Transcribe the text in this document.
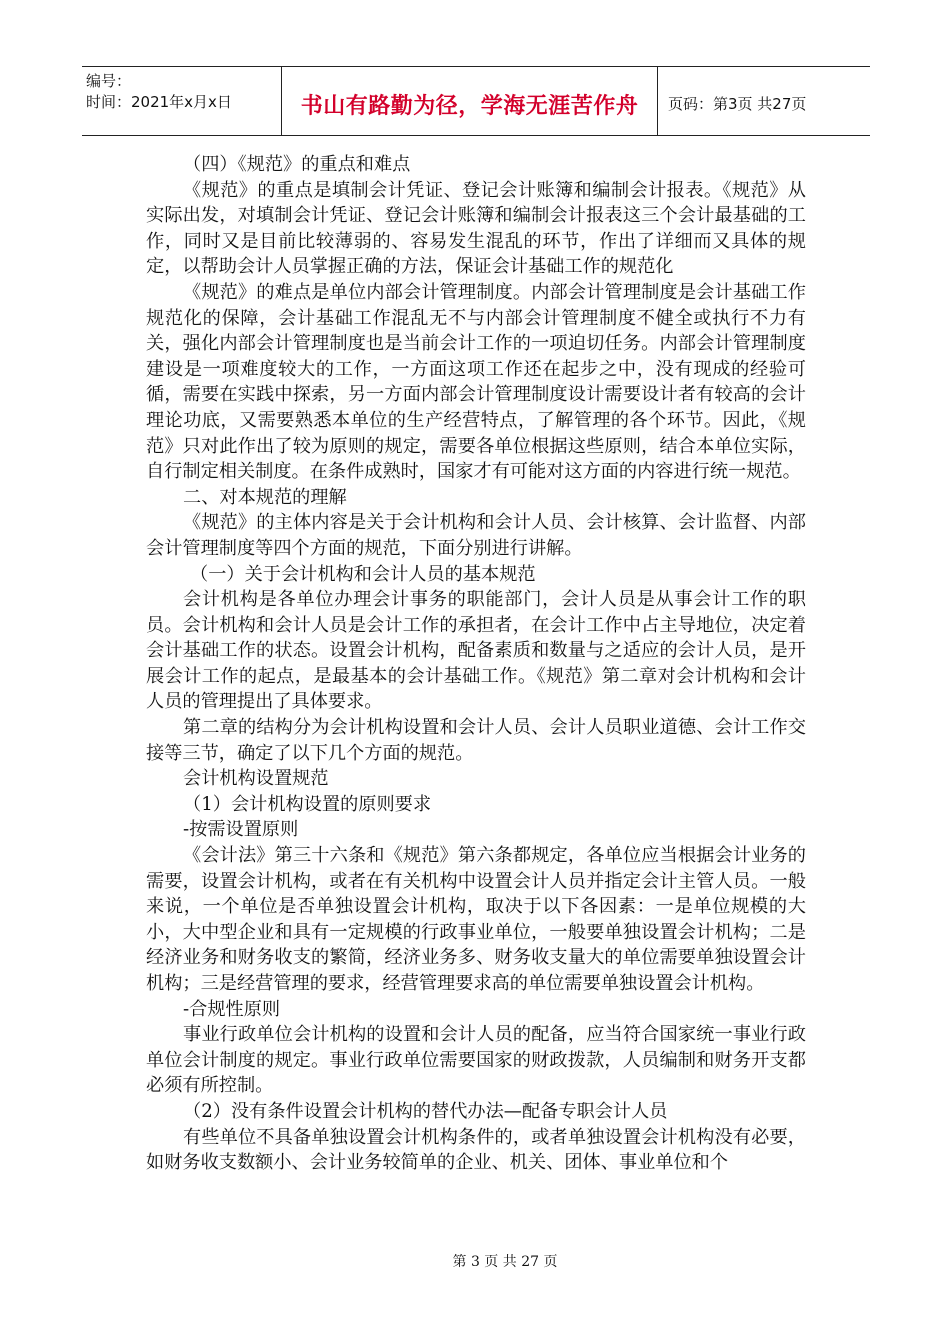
编号：
时间：2021年x月x日	书山有路勤为径，学海无涯苦作舟 页码：第3页 共27页

（四）《规范》的重点和难点

《规范》的重点是填制会计凭证、登记会计账簿和编制会计报表。《规范》从实际出发，对填制会计凭证、登记会计账簿和编制会计报表这三个会计最基础的工作，同时又是目前比较薄弱的、容易发生混乱的环节，作出了详细而又具体的规定，以帮助会计人员掌握正确的方法，保证会计基础工作的规范化

《规范》的难点是单位内部会计管理制度。内部会计管理制度是会计基础工作规范化的保障，会计基础工作混乱无不与内部会计管理制度不健全或执行不力有关，强化内部会计管理制度也是当前会计工作的一项迫切任务。内部会计管理制度建设是一项难度较大的工作，一方面这项工作还在起步之中，没有现成的经验可循，需要在实践中探索，另一方面内部会计管理制度设计需要设计者有较高的会计理论功底，又需要熟悉本单位的生产经营特点，了解管理的各个环节。因此，《规范》只对此作出了较为原则的规定，需要各单位根据这些原则，结合本单位实际，自行制定相关制度。在条件成熟时，国家才有可能对这方面的内容进行统一规范。

二、对本规范的理解

《规范》的主体内容是关于会计机构和会计人员、会计核算、会计监督、内部会计管理制度等四个方面的规范，下面分别进行讲解。

（一）关于会计机构和会计人员的基本规范

会计机构是各单位办理会计事务的职能部门，会计人员是从事会计工作的职员。会计机构和会计人员是会计工作的承担者，在会计工作中占主导地位，决定着会计基础工作的状态。设置会计机构，配备素质和数量与之适应的会计人员，是开展会计工作的起点，是最基本的会计基础工作。《规范》第二章对会计机构和会计人员的管理提出了具体要求。

第二章的结构分为会计机构设置和会计人员、会计人员职业道德、会计工作交接等三节，确定了以下几个方面的规范。

会计机构设置规范

（1）会计机构设置的原则要求

-按需设置原则

《会计法》第三十六条和《规范》第六条都规定，各单位应当根据会计业务的需要，设置会计机构，或者在有关机构中设置会计人员并指定会计主管人员。一般来说，一个单位是否单独设置会计机构，取决于以下各因素：一是单位规模的大小，大中型企业和具有一定规模的行政事业单位，一般要单独设置会计机构；二是经济业务和财务收支的繁简，经济业务多、财务收支量大的单位需要单独设置会计机构；三是经营管理的要求，经营管理要求高的单位需要单独设置会计机构。

-合规性原则

事业行政单位会计机构的设置和会计人员的配备，应当符合国家统一事业行政单位会计制度的规定。事业行政单位需要国家的财政拨款，人员编制和财务开支都必须有所控制。

（2）没有条件设置会计机构的替代办法—配备专职会计人员

有些单位不具备单独设置会计机构条件的，或者单独设置会计机构没有必要，如财务收支数额小、会计业务较简单的企业、机关、团体、事业单位和个

第 3 页 共 27 页
